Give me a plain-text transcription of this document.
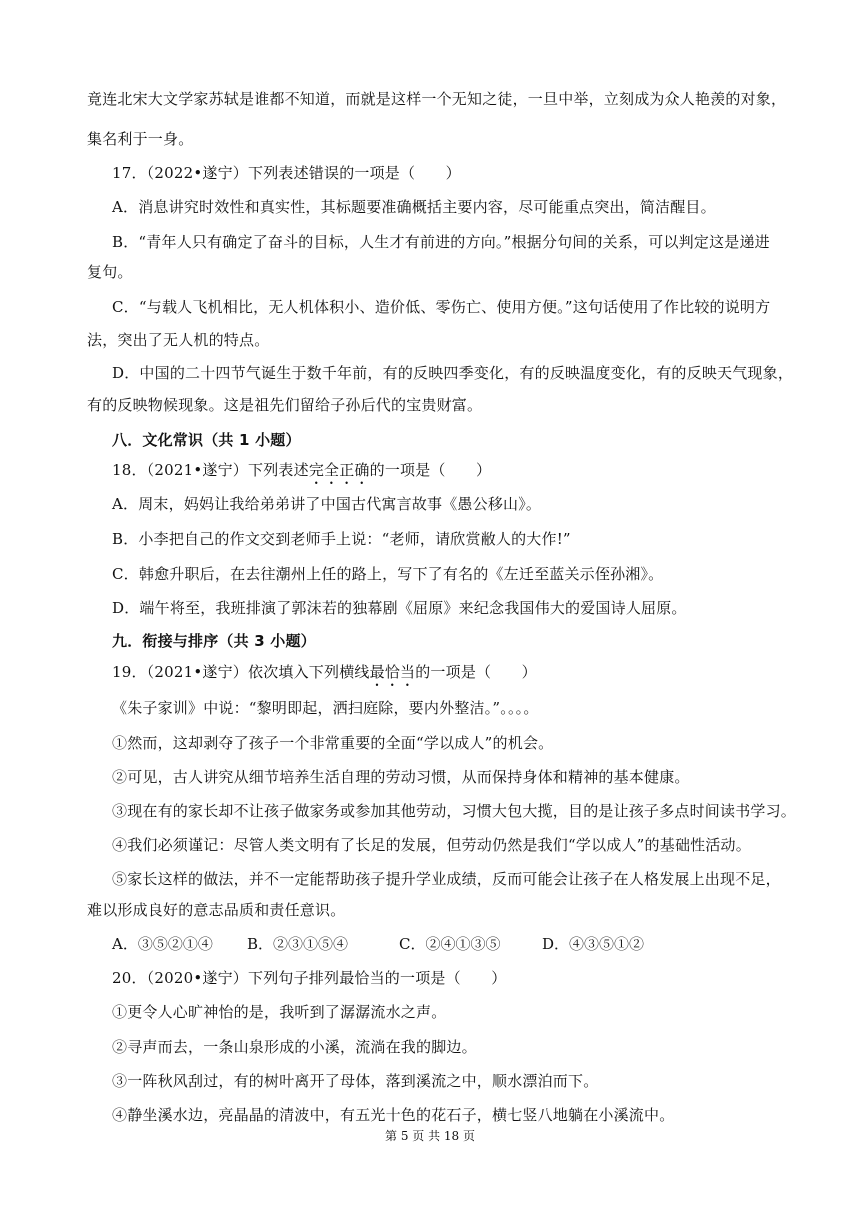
竟连北宋大文学家苏轼是谁都不知道，而就是这样一个无知之徒，一旦中举，立刻成为众人艳羡的对象，
集名利于一身。
17．（2022•遂宁）下列表述错误的一项是（　　）
A．消息讲究时效性和真实性，其标题要准确概括主要内容，尽可能重点突出，简洁醒目。
B．“青年人只有确定了奋斗的目标，人生才有前进的方向。”根据分句间的关系，可以判定这是递进
复句。
C．“与载人飞机相比，无人机体积小、造价低、零伤亡、使用方便。”这句话使用了作比较的说明方
法，突出了无人机的特点。
D．中国的二十四节气诞生于数千年前，有的反映四季变化，有的反映温度变化，有的反映天气现象，
有的反映物候现象。这是祖先们留给子孙后代的宝贵财富。
八．文化常识（共 1 小题）
18．（2021•遂宁）下列表述完全正确的一项是（　　）
A．周末，妈妈让我给弟弟讲了中国古代寓言故事《愚公移山》。
B．小李把自己的作文交到老师手上说：“老师，请欣赏敝人的大作!”
C．韩愈升职后，在去往潮州上任的路上，写下了有名的《左迁至蓝关示侄孙湘》。
D．端午将至，我班排演了郭沫若的独幕剧《屈原》来纪念我国伟大的爱国诗人屈原。
九．衔接与排序（共 3 小题）
19．（2021•遂宁）依次填入下列横线最恰当的一项是（　　）
《朱子家训》中说：“黎明即起，洒扫庭除，要内外整洁。”。。。。
①然而，这却剥夺了孩子一个非常重要的全面“学以成人”的机会。
②可见，古人讲究从细节培养生活自理的劳动习惯，从而保持身体和精神的基本健康。
③现在有的家长却不让孩子做家务或参加其他劳动，习惯大包大揽，目的是让孩子多点时间读书学习。
④我们必须谨记：尽管人类文明有了长足的发展，但劳动仍然是我们“学以成人”的基础性活动。
⑤家长这样的做法，并不一定能帮助孩子提升学业成绩，反而可能会让孩子在人格发展上出现不足，
难以形成良好的意志品质和责任意识。
A．③⑤②①④ B．②③①⑤④	C．②④①③⑤	D．④③⑤①②
20．（2020•遂宁）下列句子排列最恰当的一项是（　　）
①更令人心旷神怡的是，我听到了潺潺流水之声。
②寻声而去，一条山泉形成的小溪，流淌在我的脚边。
③一阵秋风刮过，有的树叶离开了母体，落到溪流之中，顺水漂泊而下。
④静坐溪水边，亮晶晶的清波中，有五光十色的花石子，横七竖八地躺在小溪流中。
第 5 页 共 18 页
